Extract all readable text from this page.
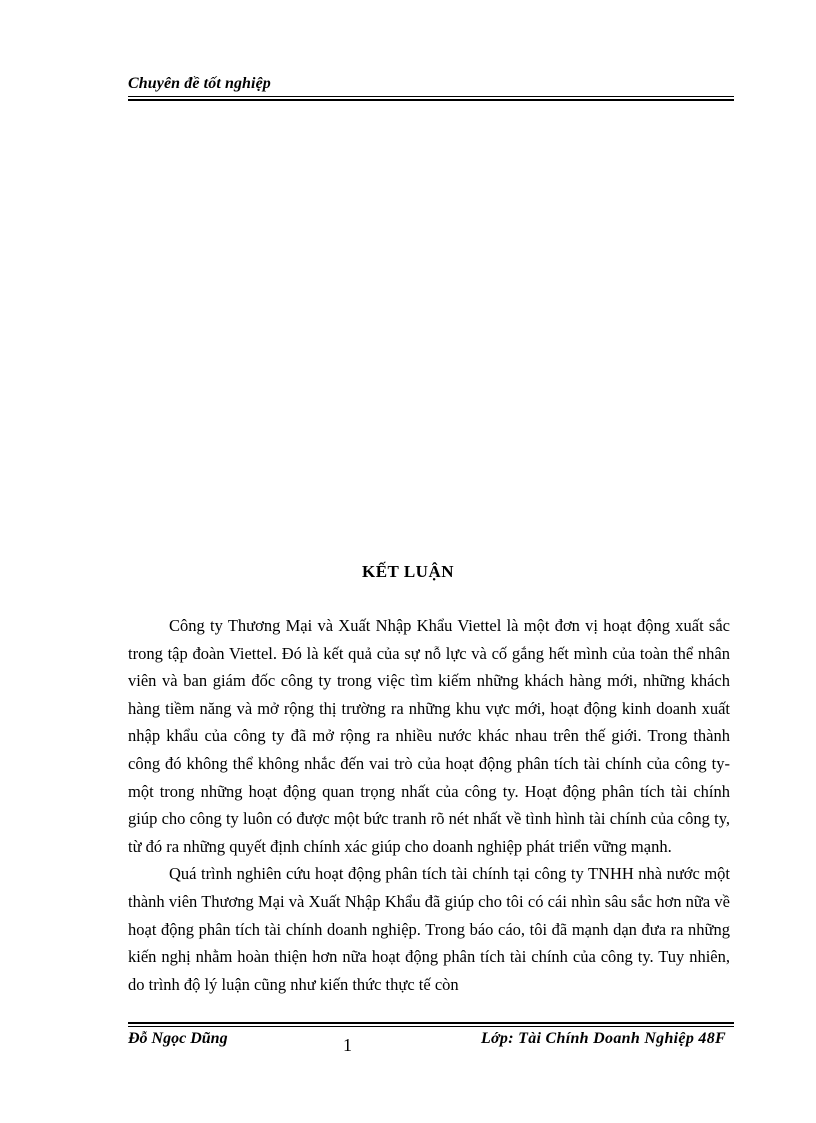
Chuyên đề tốt nghiệp
KẾT LUẬN

Công ty Thương Mại và Xuất Nhập Khẩu Viettel là một đơn vị hoạt động xuất sắc trong tập đoàn Viettel. Đó là kết quả của sự nỗ lực và cố gắng hết mình của toàn thể nhân viên và ban giám đốc công ty trong việc tìm kiếm những khách hàng mới, những khách hàng tiềm năng và mở rộng thị trường ra những khu vực mới, hoạt động kinh doanh xuất nhập khẩu của công ty đã mở rộng ra nhiều nước khác nhau trên thế giới. Trong thành công đó không thể không nhắc đến vai trò của hoạt động phân tích tài chính của công ty- một trong những hoạt động quan trọng nhất của công ty. Hoạt động phân tích tài chính giúp cho công ty luôn có được một bức tranh rõ nét nhất về tình hình tài chính của công ty, từ đó ra những quyết định chính xác giúp cho doanh nghiệp phát triển vững mạnh.

Quá trình nghiên cứu hoạt động phân tích tài chính tại công ty TNHH nhà nước một thành viên Thương Mại và Xuất Nhập Khẩu đã giúp cho tôi có cái nhìn sâu sắc hơn nữa về hoạt động phân tích tài chính doanh nghiệp. Trong báo cáo, tôi đã mạnh dạn đưa ra những kiến nghị nhằm hoàn thiện hơn nữa hoạt động phân tích tài chính của công ty. Tuy nhiên, do trình độ lý luận cũng như kiến thức thực tế còn

Đỗ Ngọc Dũng	1	Lớp: Tài Chính Doanh Nghiệp 48F
